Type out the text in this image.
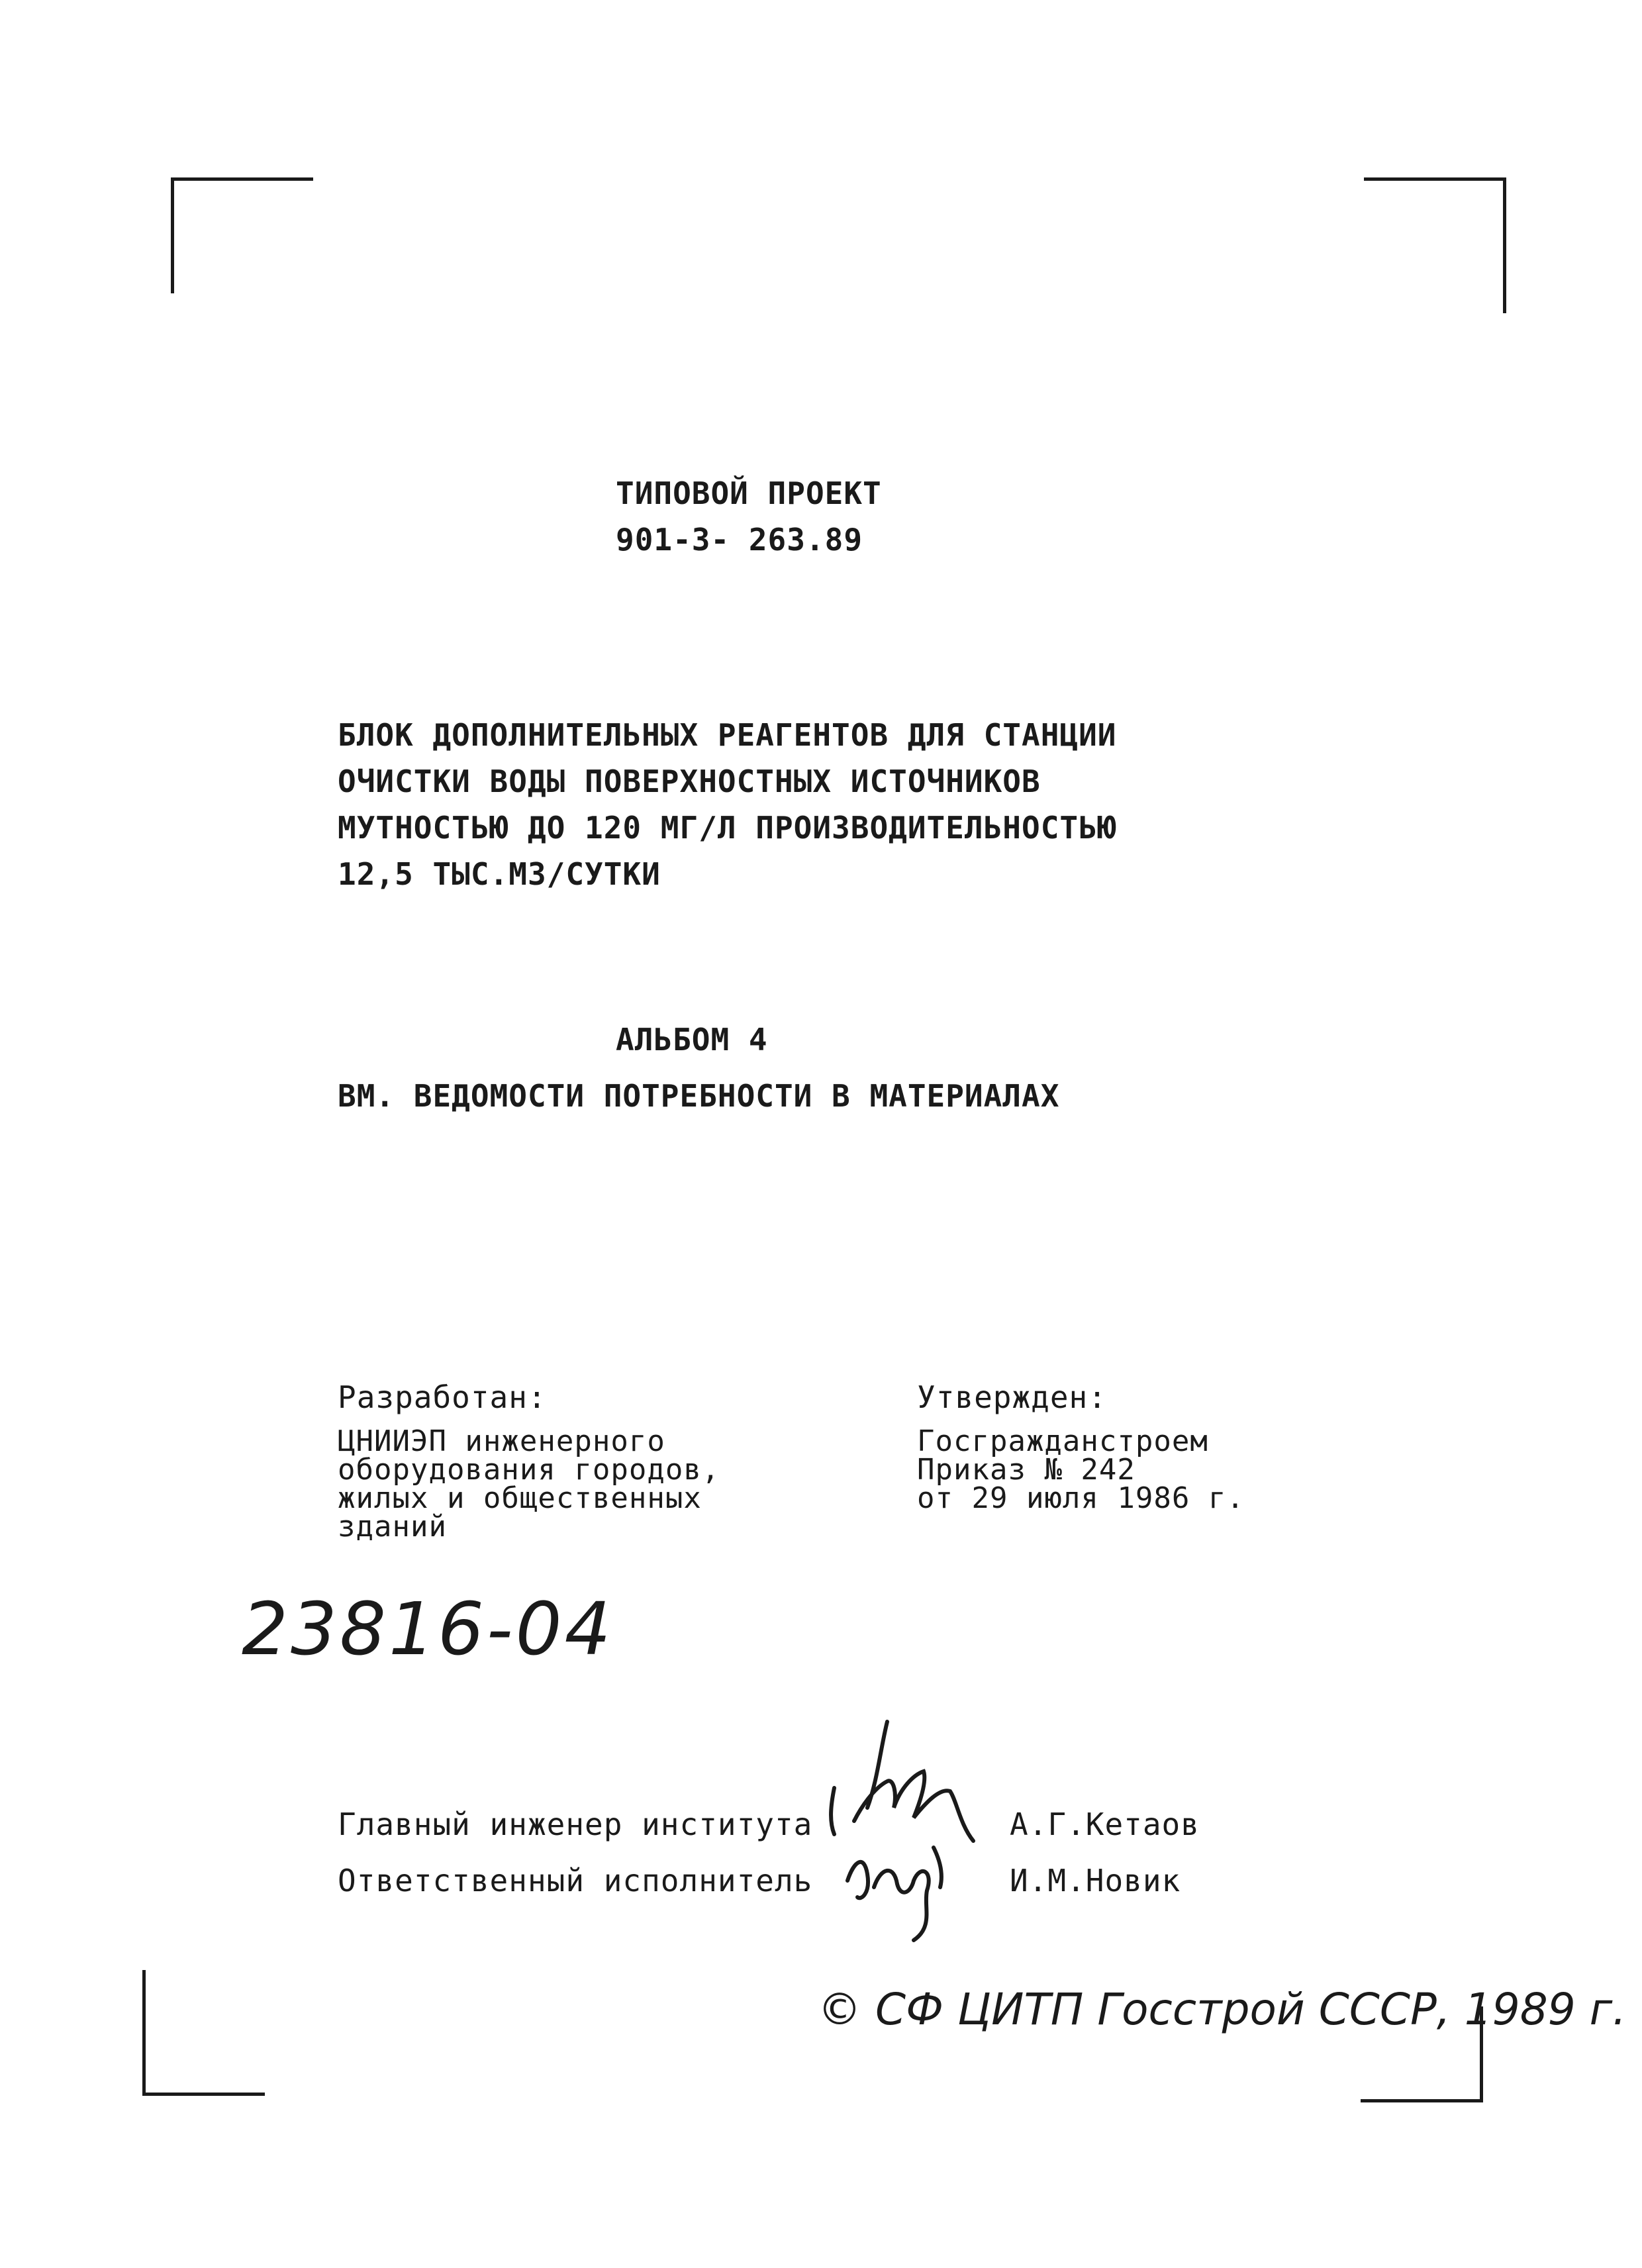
ТИПОВОЙ ПРОЕКТ
901-3- 263.89
БЛОК ДОПОЛНИТЕЛЬНЫХ РЕАГЕНТОВ ДЛЯ СТАНЦИИ
ОЧИСТКИ ВОДЫ ПОВЕРХНОСТНЫХ ИСТОЧНИКОВ
МУТНОСТЬЮ ДО 120 МГ/Л ПРОИЗВОДИТЕЛЬНОСТЬЮ
12,5 ТЫС.М3/СУТКИ
АЛЬБОМ 4
ВМ. ВЕДОМОСТИ ПОТРЕБНОСТИ В МАТЕРИАЛАХ
Разработан:
ЦНИИЭП инженерного
оборудования городов,
жилых и общественных
зданий
Утвержден:
Госгражданстроем
Приказ № 242
от 29 июля 1986 г.
23816-04
Главный инженер института	А.Г.Кетаов
Ответственный исполнитель	И.М.Новик
© СФ ЦИТП Госстрой СССР, 1989 г.
